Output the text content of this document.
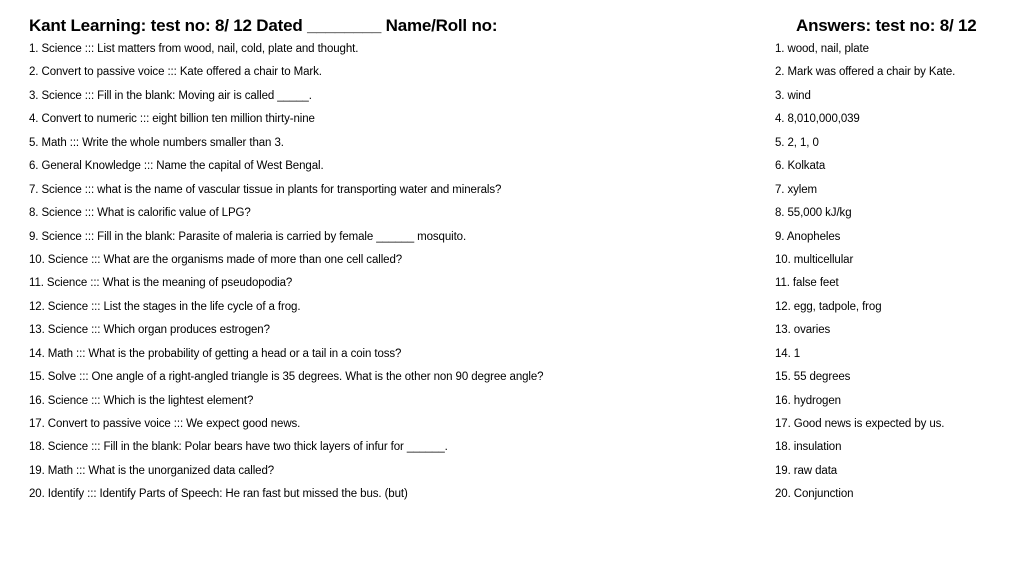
Kant Learning: test no: 8/ 12 Dated ________ Name/Roll no:	Answers: test no: 8/ 12
1. Science ::: List matters from wood, nail, cold, plate and thought.
2. Convert to passive voice ::: Kate offered a chair to Mark.
3. Science ::: Fill in the blank: Moving air is called _____.
4. Convert to numeric ::: eight billion ten million thirty-nine
5. Math ::: Write the whole numbers smaller than 3.
6. General Knowledge ::: Name the capital of West Bengal.
7. Science ::: what is the name of vascular tissue in plants for transporting water and minerals?
8. Science ::: What is calorific value of LPG?
9. Science ::: Fill in the blank: Parasite of maleria is carried by female ______ mosquito.
10. Science ::: What are the organisms made of more than one cell called?
11. Science ::: What is the meaning of pseudopodia?
12. Science ::: List the stages in the life cycle of a frog.
13. Science ::: Which organ produces estrogen?
14. Math ::: What is the probability of getting a head or a tail in a coin toss?
15. Solve ::: One angle of a right-angled triangle is 35 degrees. What is the other non 90 degree angle?
16. Science ::: Which is the lightest element?
17. Convert to passive voice ::: We expect good news.
18. Science ::: Fill in the blank: Polar bears have two thick layers of infur for ______.
19. Math ::: What is the unorganized data called?
20. Identify ::: Identify Parts of Speech: He ran fast but missed the bus. (but)
1. wood, nail, plate
2. Mark was offered a chair by Kate.
3. wind
4. 8,010,000,039
5. 2, 1, 0
6. Kolkata
7. xylem
8. 55,000 kJ/kg
9. Anopheles
10. multicellular
11. false feet
12. egg, tadpole, frog
13. ovaries
14. 1
15. 55 degrees
16. hydrogen
17. Good news is expected by us.
18. insulation
19. raw data
20. Conjunction
